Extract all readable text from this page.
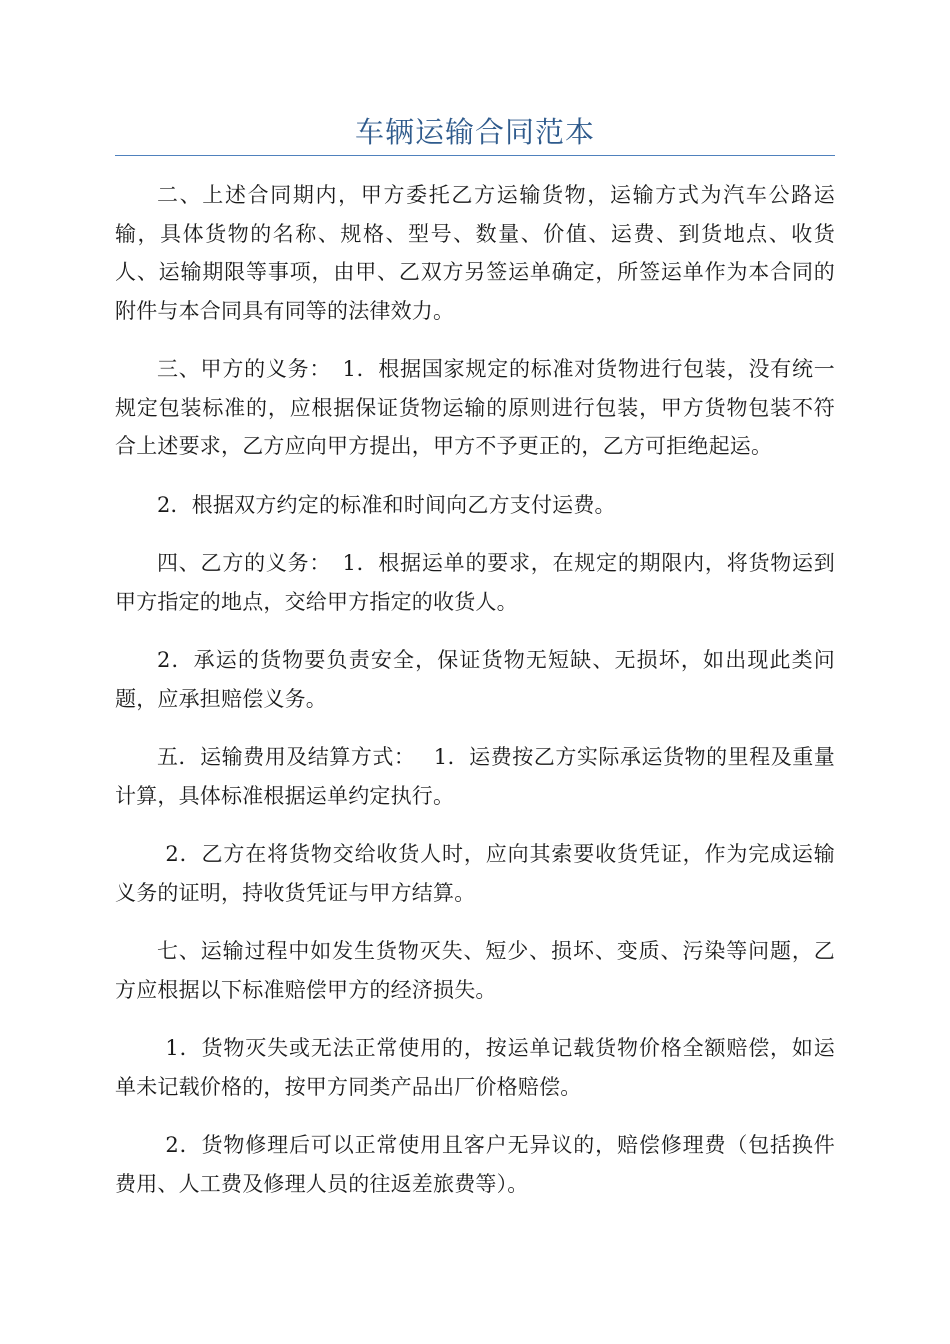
车辆运输合同范本

二、上述合同期内，甲方委托乙方运输货物，运输方式为汽车公路运输，具体货物的名称、规格、型号、数量、价值、运费、到货地点、收货人、运输期限等事项，由甲、乙双方另签运单确定，所签运单作为本合同的附件与本合同具有同等的法律效力。

三、甲方的义务：　1．根据国家规定的标准对货物进行包装，没有统一规定包装标准的，应根据保证货物运输的原则进行包装，甲方货物包装不符合上述要求，乙方应向甲方提出，甲方不予更正的，乙方可拒绝起运。

2．根据双方约定的标准和时间向乙方支付运费。

四、乙方的义务：　1．根据运单的要求，在规定的期限内，将货物运到甲方指定的地点，交给甲方指定的收货人。

2．承运的货物要负责安全，保证货物无短缺、无损坏，如出现此类问题，应承担赔偿义务。

五．运输费用及结算方式：　 1．运费按乙方实际承运货物的里程及重量计算，具体标准根据运单约定执行。

2．乙方在将货物交给收货人时，应向其索要收货凭证，作为完成运输义务的证明，持收货凭证与甲方结算。

七、运输过程中如发生货物灭失、短少、损坏、变质、污染等问题，乙方应根据以下标准赔偿甲方的经济损失。

1．货物灭失或无法正常使用的，按运单记载货物价格全额赔偿，如运单未记载价格的，按甲方同类产品出厂价格赔偿。

2．货物修理后可以正常使用且客户无异议的，赔偿修理费（包括换件费用、人工费及修理人员的往返差旅费等）。
